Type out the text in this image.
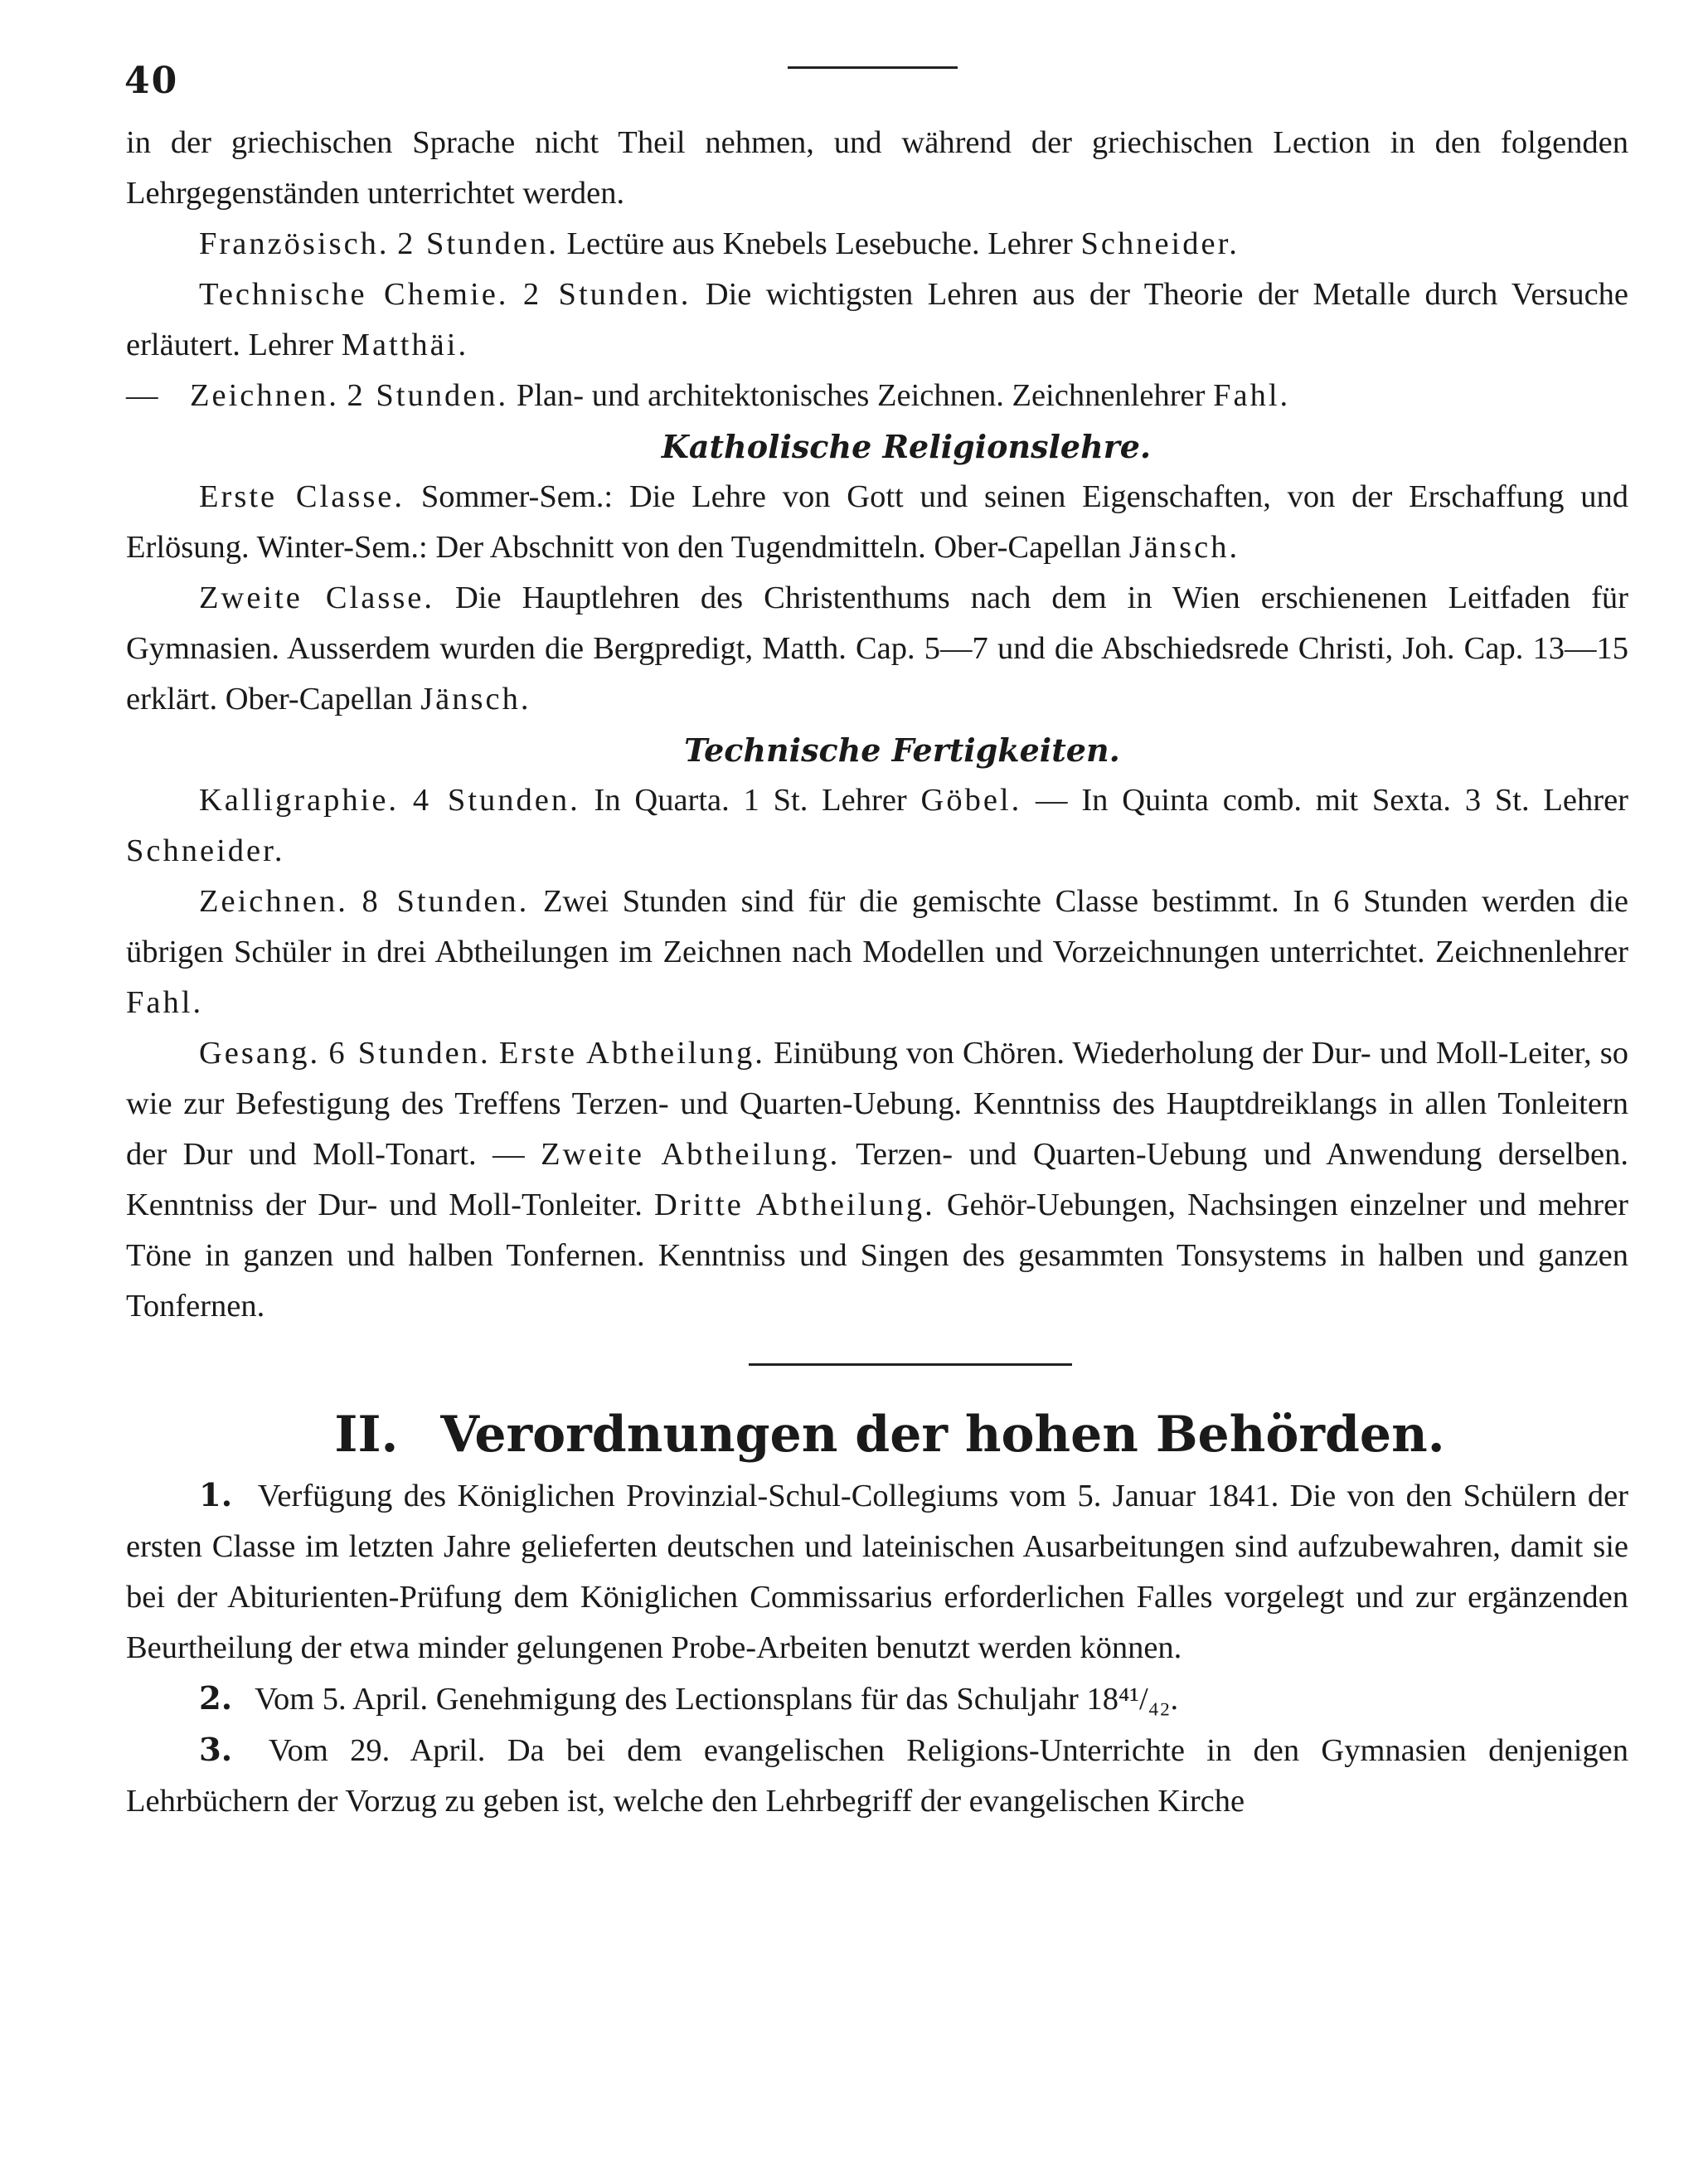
40

in der griechischen Sprache nicht Theil nehmen, und während der griechischen Lection in den folgenden Lehrgegenständen unterrichtet werden.

Französisch. 2 Stunden. Lectüre aus Knebels Lesebuche. Lehrer Schneider.

Technische Chemie. 2 Stunden. Die wichtigsten Lehren aus der Theorie der Metalle durch Versuche erläutert. Lehrer Matthäi.

— Zeichnen. 2 Stunden. Plan- und architektonisches Zeichnen. Zeichnenlehrer Fahl.

Katholische Religionslehre.

Erste Classe. Sommer-Sem.: Die Lehre von Gott und seinen Eigenschaften, von der Erschaffung und Erlösung. Winter-Sem.: Der Abschnitt von den Tugendmitteln. Ober-Capellan Jänsch.

Zweite Classe. Die Hauptlehren des Christenthums nach dem in Wien erschienenen Leitfaden für Gymnasien. Ausserdem wurden die Bergpredigt, Matth. Cap. 5—7 und die Abschiedsrede Christi, Joh. Cap. 13—15 erklärt. Ober-Capellan Jänsch.

Technische Fertigkeiten.

Kalligraphie. 4 Stunden. In Quarta. 1 St. Lehrer Göbel. — In Quinta comb. mit Sexta. 3 St. Lehrer Schneider.

Zeichnen. 8 Stunden. Zwei Stunden sind für die gemischte Classe bestimmt. In 6 Stunden werden die übrigen Schüler in drei Abtheilungen im Zeichnen nach Modellen und Vorzeichnungen unterrichtet. Zeichnenlehrer Fahl.

Gesang. 6 Stunden. Erste Abtheilung. Einübung von Chören. Wiederholung der Dur- und Moll-Leiter, so wie zur Befestigung des Treffens Terzen- und Quarten-Uebung. Kenntniss des Hauptdreiklangs in allen Tonleitern der Dur und Moll-Tonart. — Zweite Abtheilung. Terzen- und Quarten-Uebung und Anwendung derselben. Kenntniss der Dur- und Moll-Tonleiter. Dritte Abtheilung. Gehör-Uebungen, Nachsingen einzelner und mehrer Töne in ganzen und halben Tonfernen. Kenntniss und Singen des gesammten Tonsystems in halben und ganzen Tonfernen.

II. Verordnungen der hohen Behörden.

1. Verfügung des Königlichen Provinzial-Schul-Collegiums vom 5. Januar 1841. Die von den Schülern der ersten Classe im letzten Jahre gelieferten deutschen und lateinischen Ausarbeitungen sind aufzubewahren, damit sie bei der Abiturienten-Prüfung dem Königlichen Commissarius erforderlichen Falles vorgelegt und zur ergänzenden Beurtheilung der etwa minder gelungenen Probe-Arbeiten benutzt werden können.

2. Vom 5. April. Genehmigung des Lectionsplans für das Schuljahr 18⁴¹/₄₂.

3. Vom 29. April. Da bei dem evangelischen Religions-Unterrichte in den Gymnasien denjenigen Lehrbüchern der Vorzug zu geben ist, welche den Lehrbegriff der evangelischen Kirche
